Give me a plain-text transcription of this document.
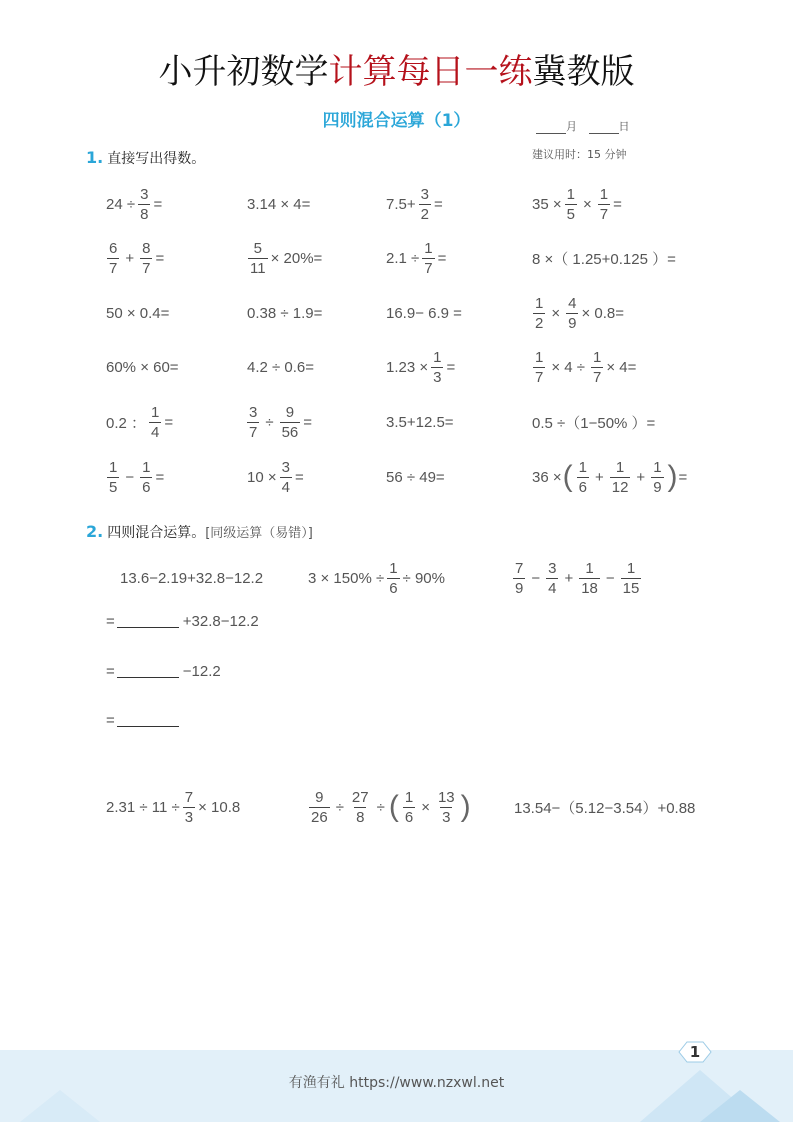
小升初数学计算每日一练冀教版
四则混合运算（1）	月	日
建议用时：15 分钟
1. 直接写出得数。
$24 \div \frac{3}{8}$ =	3.14 × 4=	$7.5+ \frac{3}{2}$ =	$35 \times \frac{1}{5} \times \frac{1}{7}$ =
$\frac{6}{7} + \frac{8}{7}$ =	$\frac{5}{11} \times 20\%=$	$2.1 \div \frac{1}{7}$ =	8 ×（ 1.25+0.125 ）=
50 × 0.4=	0.38 ÷ 1.9=	16.9− 6.9 =	$\frac{1}{2} \times \frac{4}{9} \times 0.8=$
60% × 60=	4.2 ÷ 0.6=	$1.23 \times \frac{1}{3}$ =	$\frac{1}{7} \times 4 \div \frac{1}{7} \times 4=$
0.2 ： $\frac{1}{4}$ =	$\frac{3}{7} \div \frac{9}{56}$ =	3.5+12.5=	0.5 ÷（1−50% ）=
$\frac{1}{5} - \frac{1}{6}$ =	$10 \times \frac{3}{4}$ =	56 ÷ 49=	36 × ( $\frac{1}{6} + \frac{1}{12} + \frac{1}{9}$ ) =
2. 四则混合运算。[同级运算（易错）]
13.6−2.19+32.8−12.2	$3 \times 150\% \div \frac{1}{6} \div 90\%$	$\frac{7}{9} - \frac{3}{4} + \frac{1}{18} - \frac{1}{15}$
=	+32.8−12.2
=	−12.2
=
$2.31 \div 11 \div \frac{7}{3} \times 10.8$	$\frac{9}{26} \div \frac{27}{8}$ ÷ ( $\frac{1}{6} \times \frac{13}{3}$ )	13.54−（5.12−3.54）+0.88
有渔有礼 https://www.nzxwl.net
1
